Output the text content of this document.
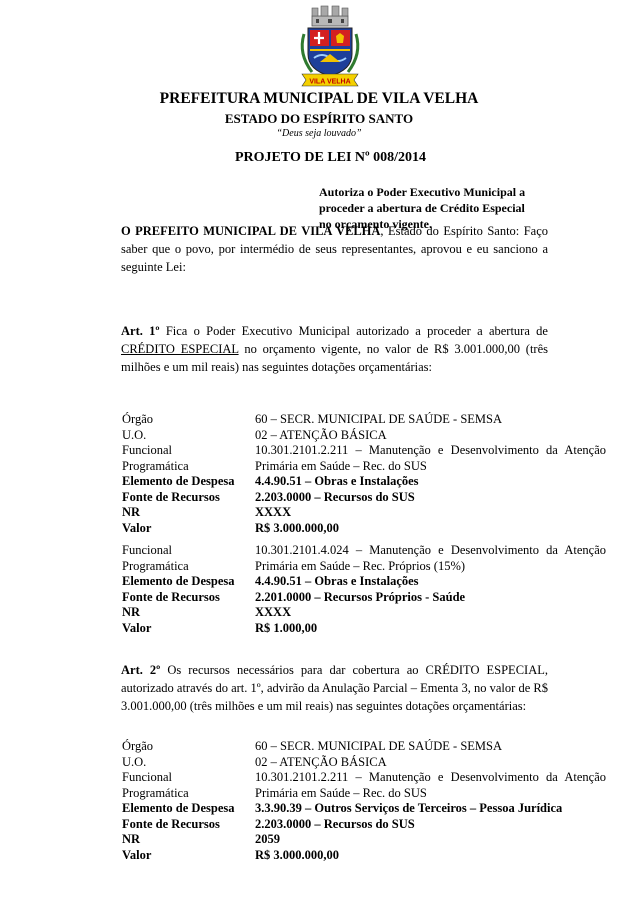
VILA VELHA
PREFEITURA MUNICIPAL DE VILA VELHA
ESTADO DO ESPÍRITO SANTO
“Deus seja louvado”
PROJETO DE LEI Nº 008/2014
Autoriza o Poder Executivo Municipal a
proceder a abertura de Crédito Especial
no orçamento vigente.
O PREFEITO MUNICIPAL DE VILA VELHA, Estado do Espírito Santo: Faço saber que o povo, por intermédio de seus representantes, aprovou e eu sanciono a seguinte Lei:
Art. 1º Fica o Poder Executivo Municipal autorizado a proceder a abertura de CRÉDITO ESPECIAL no orçamento vigente, no valor de R$ 3.001.000,00 (três milhões e um mil reais) nas seguintes dotações orçamentárias:
Órgão	60 – SECR. MUNICIPAL DE SAÚDE - SEMSA
U.O.	02 – ATENÇÃO BÁSICA
Funcional	10.301.2101.2.211 – Manutenção e Desenvolvimento da Atenção
Programática	Primária em Saúde – Rec. do SUS
Elemento de Despesa	4.4.90.51 – Obras e Instalações
Fonte de Recursos	2.203.0000 – Recursos do SUS
NR	XXXX
Valor	R$ 3.000.000,00
Funcional	10.301.2101.4.024 – Manutenção e Desenvolvimento da Atenção
Programática	Primária em Saúde – Rec. Próprios (15%)
Elemento de Despesa	4.4.90.51 – Obras e Instalações
Fonte de Recursos	2.201.0000 – Recursos Próprios - Saúde
NR	XXXX
Valor	R$ 1.000,00
Art. 2º Os recursos necessários para dar cobertura ao CRÉDITO ESPECIAL, autorizado através do art. 1º, advirão da Anulação Parcial – Ementa 3, no valor de R$ 3.001.000,00 (três milhões e um mil reais) nas seguintes dotações orçamentárias:
Órgão	60 – SECR. MUNICIPAL DE SAÚDE - SEMSA
U.O.	02 – ATENÇÃO BÁSICA
Funcional	10.301.2101.2.211 – Manutenção e Desenvolvimento da Atenção
Programática	Primária em Saúde – Rec. do SUS
Elemento de Despesa	3.3.90.39 – Outros Serviços de Terceiros – Pessoa Jurídica
Fonte de Recursos	2.203.0000 – Recursos do SUS
NR	2059
Valor	R$ 3.000.000,00
